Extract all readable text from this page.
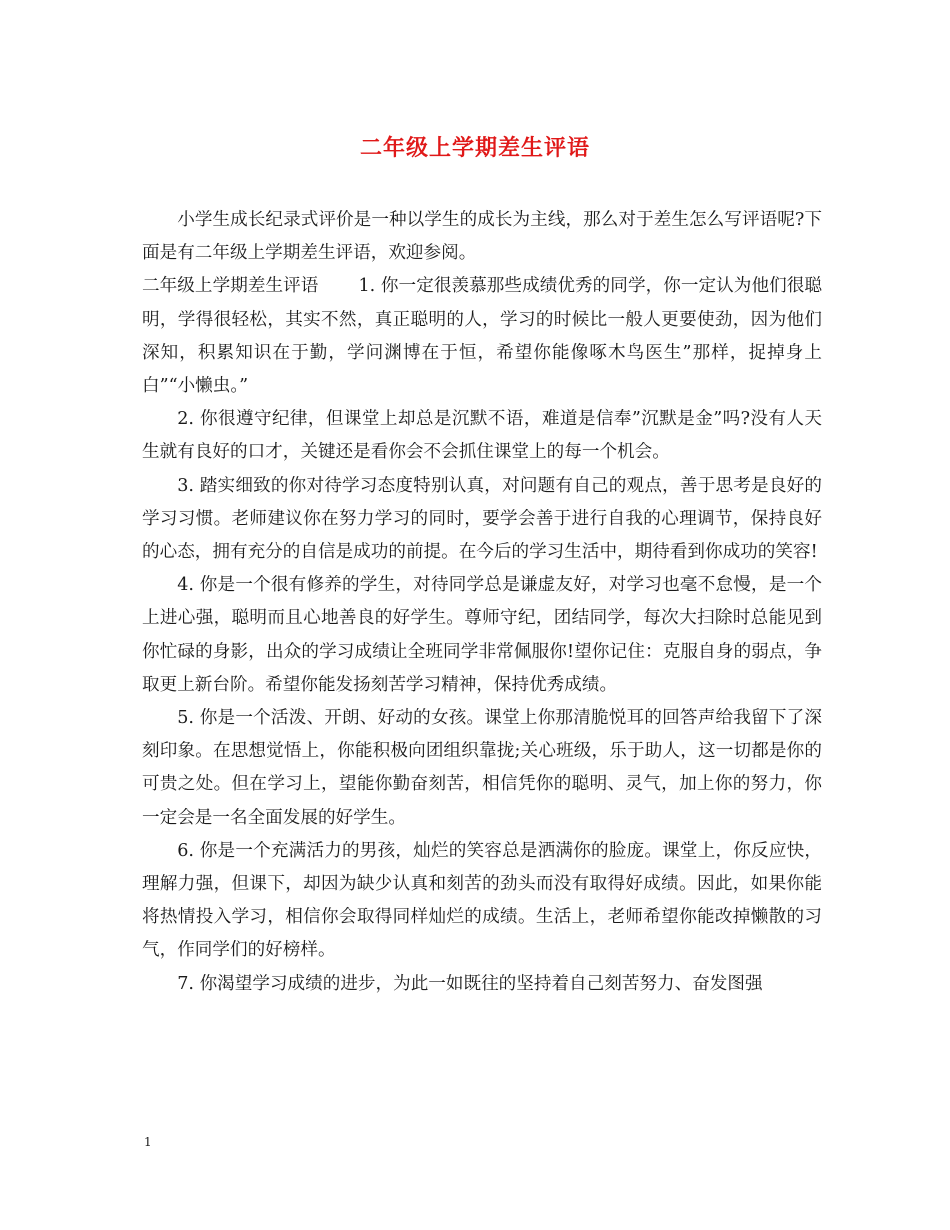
二年级上学期差生评语

小学生成长纪录式评价是一种以学生的成长为主线，那么对于差生怎么写评语呢?下面是有二年级上学期差生评语，欢迎参阅。

二年级上学期差生评语 1. 你一定很羡慕那些成绩优秀的同学，你一定认为他们很聪明，学得很轻松，其实不然，真正聪明的人，学习的时候比一般人更要使劲，因为他们深知，积累知识在于勤，学问渊博在于恒，希望你能像啄木鸟医生”那样，捉掉身上白”“小懒虫。”

2. 你很遵守纪律，但课堂上却总是沉默不语，难道是信奉”沉默是金”吗?没有人天生就有良好的口才，关键还是看你会不会抓住课堂上的每一个机会。

3. 踏实细致的你对待学习态度特别认真，对问题有自己的观点，善于思考是良好的学习习惯。老师建议你在努力学习的同时，要学会善于进行自我的心理调节，保持良好的心态，拥有充分的自信是成功的前提。在今后的学习生活中，期待看到你成功的笑容!

4. 你是一个很有修养的学生，对待同学总是谦虚友好，对学习也毫不怠慢，是一个上进心强，聪明而且心地善良的好学生。尊师守纪，团结同学，每次大扫除时总能见到你忙碌的身影，出众的学习成绩让全班同学非常佩服你!望你记住：克服自身的弱点，争取更上新台阶。希望你能发扬刻苦学习精神，保持优秀成绩。

5. 你是一个活泼、开朗、好动的女孩。课堂上你那清脆悦耳的回答声给我留下了深刻印象。在思想觉悟上，你能积极向团组织靠拢;关心班级，乐于助人，这一切都是你的可贵之处。但在学习上，望能你勤奋刻苦，相信凭你的聪明、灵气，加上你的努力，你一定会是一名全面发展的好学生。

6. 你是一个充满活力的男孩，灿烂的笑容总是洒满你的脸庞。课堂上，你反应快，理解力强，但课下，却因为缺少认真和刻苦的劲头而没有取得好成绩。因此，如果你能将热情投入学习，相信你会取得同样灿烂的成绩。生活上，老师希望你能改掉懒散的习气，作同学们的好榜样。

7. 你渴望学习成绩的进步，为此一如既往的坚持着自己刻苦努力、奋发图强

1
